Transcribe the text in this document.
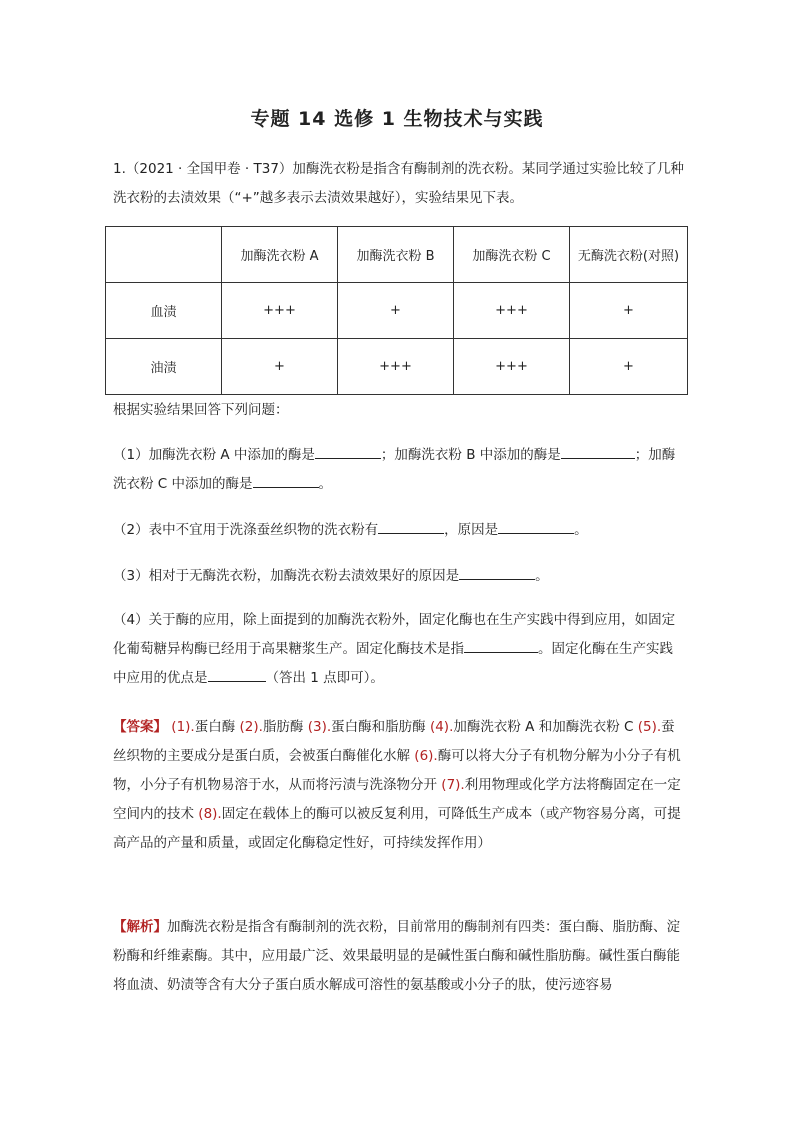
专题 14 选修 1 生物技术与实践
1.（2021 · 全国甲卷 · T37）加酶洗衣粉是指含有酶制剂的洗衣粉。某同学通过实验比较了几种洗衣粉的去渍效果（“+”越多表示去渍效果越好），实验结果见下表。
	加酶洗衣粉 A	加酶洗衣粉 B	加酶洗衣粉 C	无酶洗衣粉(对照)
血渍	+++	+	+++	+
油渍	+	+++	+++	+
根据实验结果回答下列问题：
（1）加酶洗衣粉 A 中添加的酶是	；加酶洗衣粉 B 中添加的酶是	；加酶洗衣粉 C 中添加的酶是	。
（2）表中不宜用于洗涤蚕丝织物的洗衣粉有	，原因是	。
（3）相对于无酶洗衣粉，加酶洗衣粉去渍效果好的原因是	。
（4）关于酶的应用，除上面提到的加酶洗衣粉外，固定化酶也在生产实践中得到应用，如固定化葡萄糖异构酶已经用于高果糖浆生产。固定化酶技术是指	。固定化酶在生产实践中应用的优点是	（答出 1 点即可）。
【答案】 (1).蛋白酶 (2).脂肪酶 (3).蛋白酶和脂肪酶 (4).加酶洗衣粉 A 和加酶洗衣粉 C (5).蚕丝织物的主要成分是蛋白质，会被蛋白酶催化水解 (6).酶可以将大分子有机物分解为小分子有机物，小分子有机物易溶于水，从而将污渍与洗涤物分开 (7).利用物理或化学方法将酶固定在一定空间内的技术 (8).固定在载体上的酶可以被反复利用，可降低生产成本（或产物容易分离，可提高产品的产量和质量，或固定化酶稳定性好，可持续发挥作用）
【解析】加酶洗衣粉是指含有酶制剂的洗衣粉，目前常用的酶制剂有四类：蛋白酶、脂肪酶、淀粉酶和纤维素酶。其中，应用最广泛、效果最明显的是碱性蛋白酶和碱性脂肪酶。碱性蛋白酶能将血渍、奶渍等含有大分子蛋白质水解成可溶性的氨基酸或小分子的肽，使污迹容易
